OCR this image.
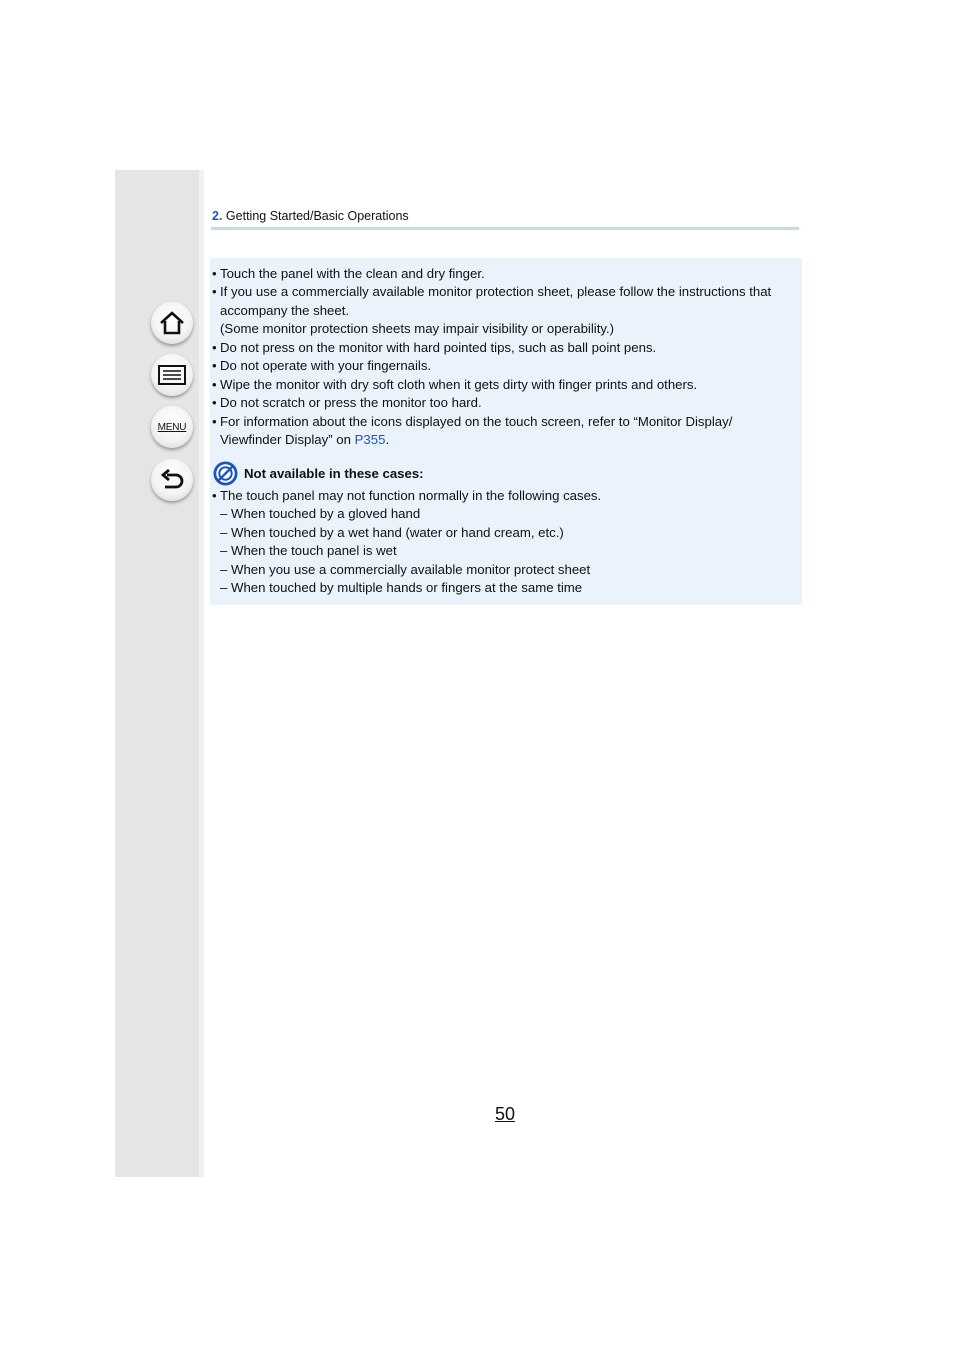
MENU
2. Getting Started/Basic Operations
• Touch the panel with the clean and dry finger.
• If you use a commercially available monitor protection sheet, please follow the instructions that
accompany the sheet.
(Some monitor protection sheets may impair visibility or operability.)
• Do not press on the monitor with hard pointed tips, such as ball point pens.
• Do not operate with your fingernails.
• Wipe the monitor with dry soft cloth when it gets dirty with finger prints and others.
• Do not scratch or press the monitor too hard.
• For information about the icons displayed on the touch screen, refer to “Monitor Display/
Viewfinder Display” on P355.
Not available in these cases:
• The touch panel may not function normally in the following cases.
– When touched by a gloved hand
– When touched by a wet hand (water or hand cream, etc.)
– When the touch panel is wet
– When you use a commercially available monitor protect sheet
– When touched by multiple hands or fingers at the same time
50
